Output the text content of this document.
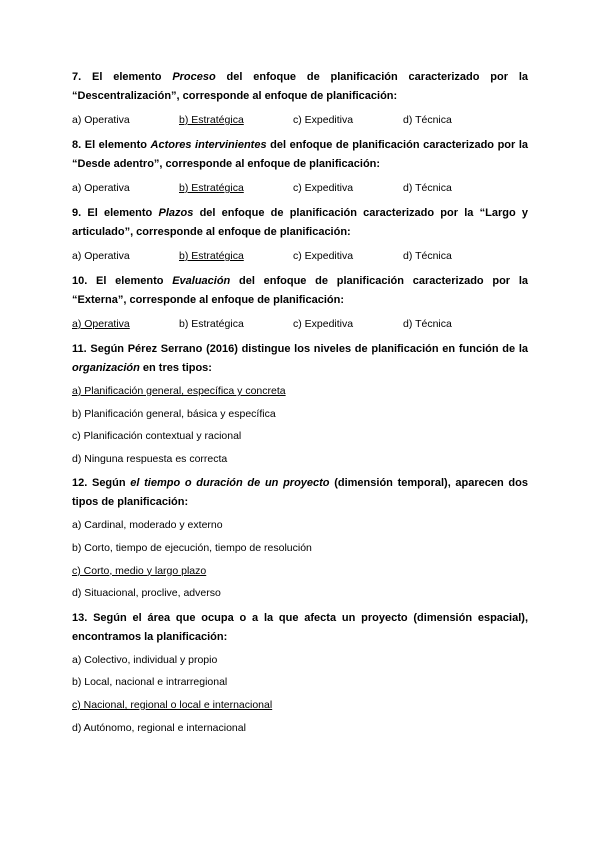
7. El elemento Proceso del enfoque de planificación caracterizado por la “Descentralización”, corresponde al enfoque de planificación:

a) Operativa	b) Estratégica	c) Expeditiva	d) Técnica

8. El elemento Actores intervinientes del enfoque de planificación caracterizado por la “Desde adentro”, corresponde al enfoque de planificación:

a) Operativa	b) Estratégica	c) Expeditiva	d) Técnica

9. El elemento Plazos del enfoque de planificación caracterizado por la “Largo y articulado”, corresponde al enfoque de planificación:

a) Operativa	b) Estratégica	c) Expeditiva	d) Técnica

10. El elemento Evaluación del enfoque de planificación caracterizado por la “Externa”, corresponde al enfoque de planificación:

a) Operativa	b) Estratégica	c) Expeditiva	d) Técnica

11. Según Pérez Serrano (2016) distingue los niveles de planificación en función de la organización en tres tipos:

a) Planificación general, específica y concreta
b) Planificación general, básica y específica
c) Planificación contextual y racional
d) Ninguna respuesta es correcta

12. Según el tiempo o duración de un proyecto (dimensión temporal), aparecen dos tipos de planificación:

a) Cardinal, moderado y externo
b) Corto, tiempo de ejecución, tiempo de resolución
c) Corto, medio y largo plazo
d) Situacional, proclive, adverso

13. Según el área que ocupa o a la que afecta un proyecto (dimensión espacial), encontramos la planificación:

a) Colectivo, individual y propio
b) Local, nacional e intrarregional
c) Nacional, regional o local e internacional
d) Autónomo, regional e internacional
